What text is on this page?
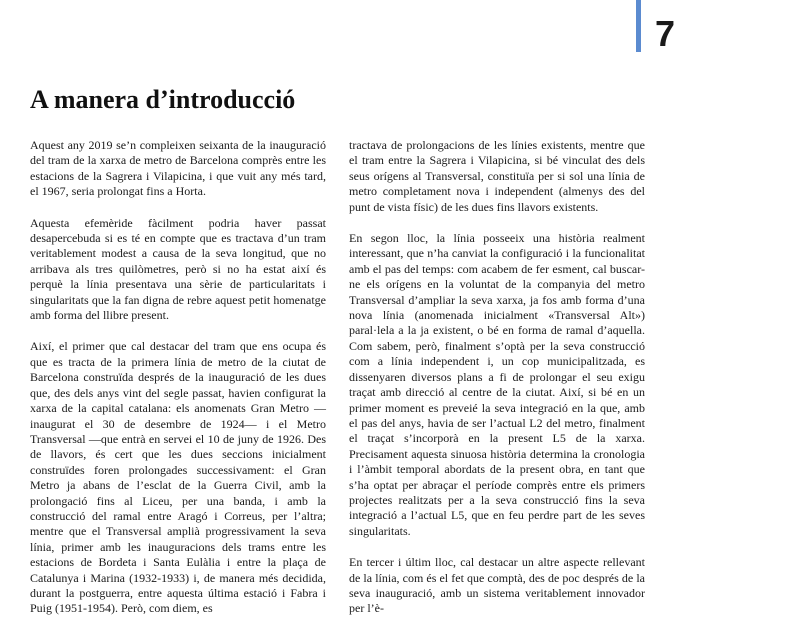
7
A manera d’introducció

Aquest any 2019 se’n compleixen seixanta de la inauguració del tram de la xarxa de metro de Barcelona comprès entre les estacions de la Sagrera i Vilapicina, i que vuit any més tard, el 1967, seria prolongat fins a Horta.

Aquesta efemèride fàcilment podria haver passat desapercebuda si es té en compte que es tractava d’un tram veritablement modest a causa de la seva longitud, que no arribava als tres quilòmetres, però si no ha estat així és perquè la línia presentava una sèrie de particularitats i singularitats que la fan digna de rebre aquest petit homenatge amb forma del llibre present.

Així, el primer que cal destacar del tram que ens ocupa és que es tracta de la primera línia de metro de la ciutat de Barcelona construïda després de la inauguració de les dues que, des dels anys vint del segle passat, havien configurat la xarxa de la capital catalana: els anomenats Gran Metro —inaugurat el 30 de desembre de 1924— i el Metro Transversal —que entrà en servei el 10 de juny de 1926. Des de llavors, és cert que les dues seccions inicialment construïdes foren prolongades successivament: el Gran Metro ja abans de l’esclat de la Guerra Civil, amb la prolongació fins al Liceu, per una banda, i amb la construcció del ramal entre Aragó i Correus, per l’altra; mentre que el Transversal amplià progressivament la seva línia, primer amb les inauguracions dels trams entre les estacions de Bordeta i Santa Eulàlia i entre la plaça de Catalunya i Marina (1932-1933) i, de manera més decidida, durant la postguerra, entre aquesta última estació i Fabra i Puig (1951-1954). Però, com diem, es

tractava de prolongacions de les línies existents, mentre que el tram entre la Sagrera i Vilapicina, si bé vinculat des dels seus orígens al Transversal, constituïa per si sol una línia de metro completament nova i independent (almenys des del punt de vista físic) de les dues fins llavors existents.

En segon lloc, la línia posseeix una història realment interessant, que n’ha canviat la configuració i la funcionalitat amb el pas del temps: com acabem de fer esment, cal buscar-ne els orígens en la voluntat de la companyia del metro Transversal d’ampliar la seva xarxa, ja fos amb forma d’una nova línia (anomenada inicialment «Transversal Alt») paral·lela a la ja existent, o bé en forma de ramal d’aquella. Com sabem, però, finalment s’optà per la seva construcció com a línia independent i, un cop municipalitzada, es dissenyaren diversos plans a fi de prolongar el seu exigu traçat amb direcció al centre de la ciutat. Així, si bé en un primer moment es preveié la seva integració en la que, amb el pas del anys, havia de ser l’actual L2 del metro, finalment el traçat s’incorporà en la present L5 de la xarxa. Precisament aquesta sinuosa història determina la cronologia i l’àmbit temporal abordats de la present obra, en tant que s’ha optat per abraçar el període comprès entre els primers projectes realitzats per a la seva construcció fins la seva integració a l’actual L5, que en feu perdre part de les seves singularitats.

En tercer i últim lloc, cal destacar un altre aspecte rellevant de la línia, com és el fet que comptà, des de poc després de la seva inauguració, amb un sistema veritablement innovador per l’è-
